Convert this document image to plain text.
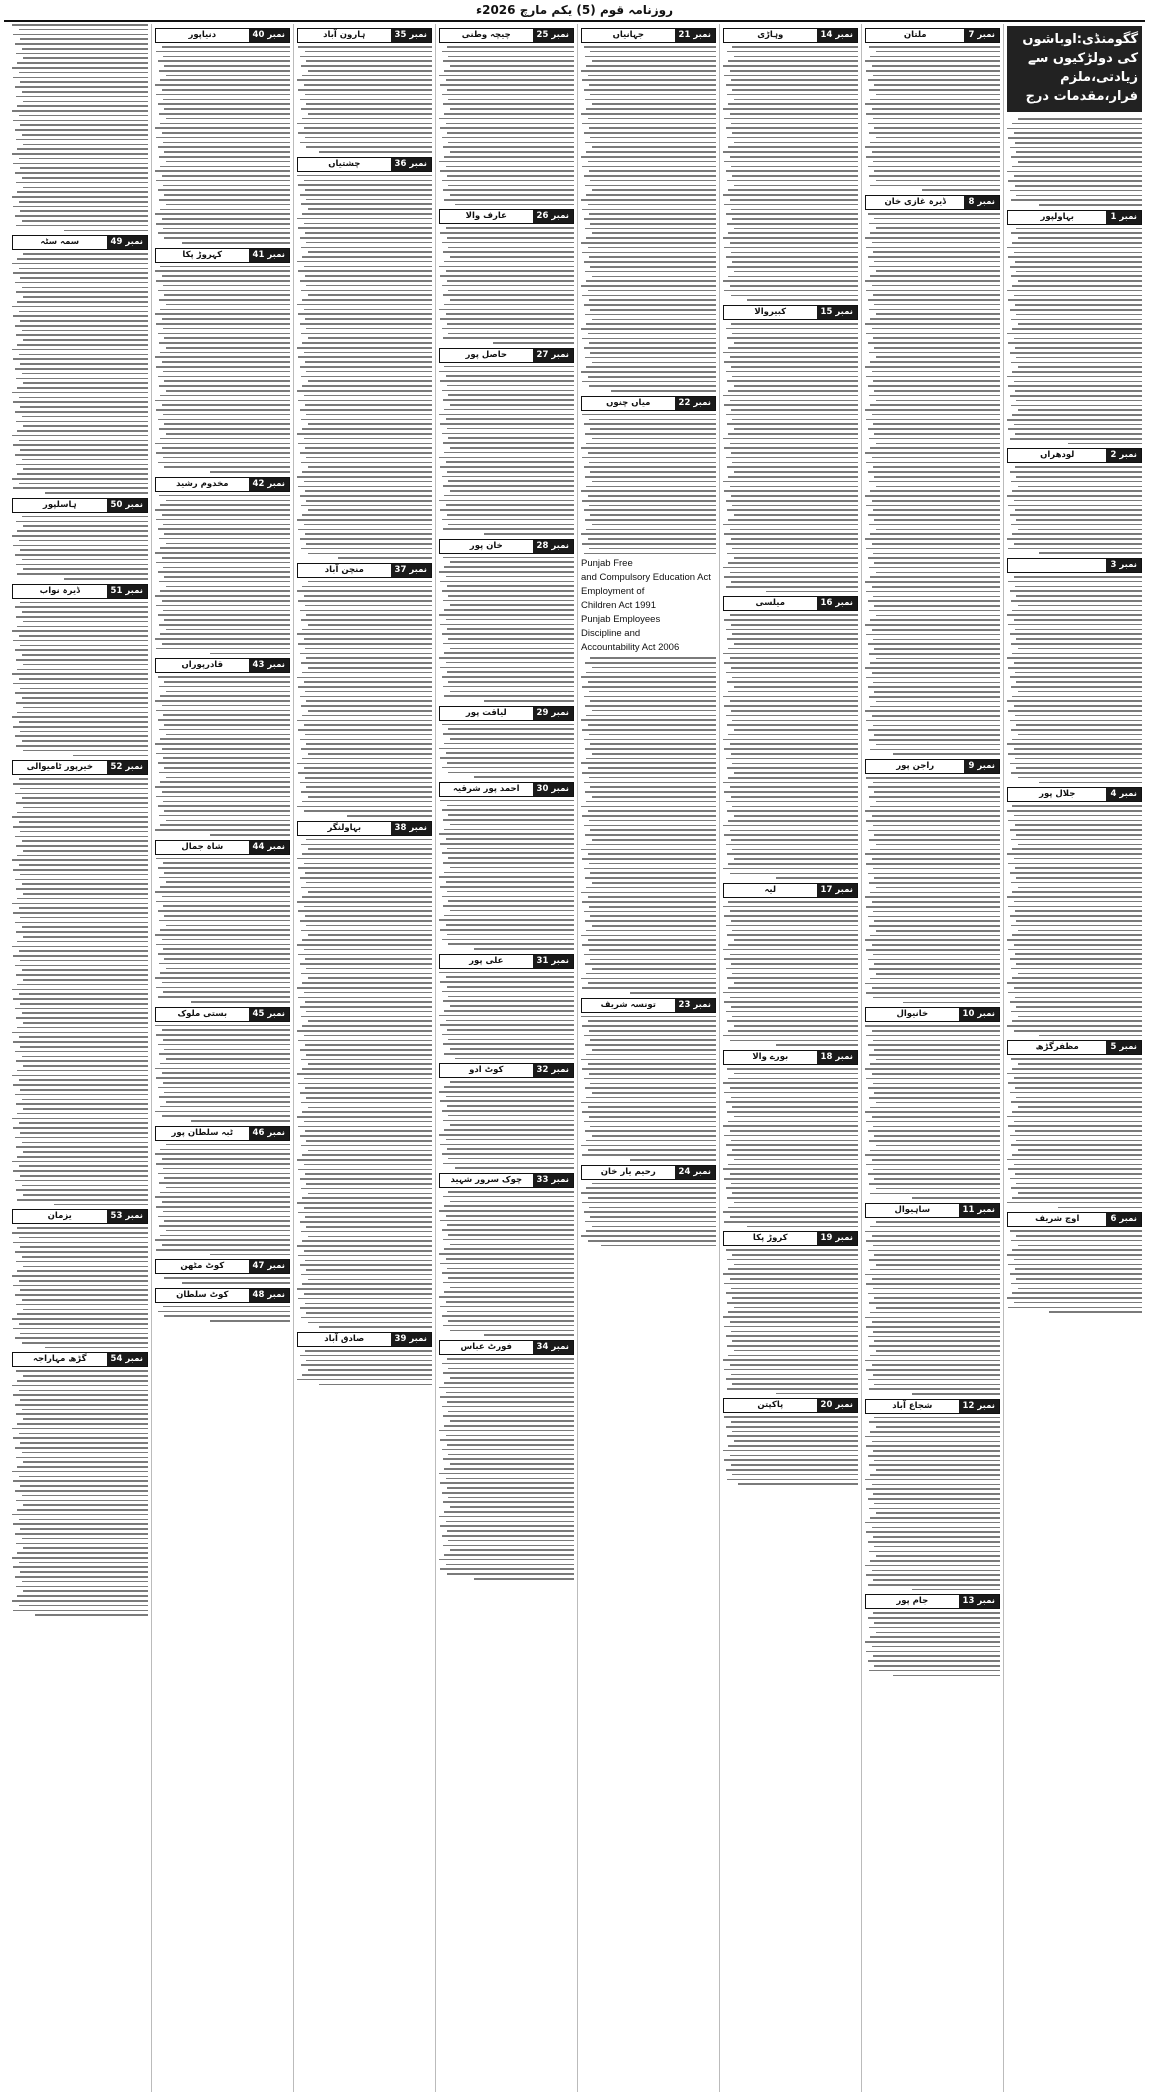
روزنامہ قوم (5) یکم مارچ 2026ء
گگومنڈی:اوباشوں کی دولڑکیوں سے زیادتی،ملزم فرار،مقدمات درج
نمبر 1
بہاولپور
نمبر 2
لودھراں
نمبر 3
نمبر 4
جلال پور
نمبر 5
مظفرگڑھ
نمبر 6
اوچ شریف
نمبر 7
ملتان
نمبر 8
ڈیرہ غازی خان
نمبر 9
راجن پور
نمبر 10
خانیوال
نمبر 11
ساہیوال
نمبر 12
شجاع آباد
نمبر 13
جام پور
نمبر 14
وہاڑی
نمبر 15
کبیروالا
نمبر 16
میلسی
نمبر 17
لیہ
نمبر 18
بورے والا
نمبر 19
کروڑ پکا
نمبر 20
پاکپتن
نمبر 21
جہانیاں
نمبر 22
میاں چنوں
Punjab Free
and Compulsory Education Act
Employment of
Children Act 1991
Punjab Employees
Discipline and
Accountability Act 2006
نمبر 23
تونسہ شریف
نمبر 24
رحیم یار خان
نمبر 25
چیچہ وطنی
نمبر 26
عارف والا
نمبر 27
حاصل پور
نمبر 28
خان پور
نمبر 29
لیاقت پور
نمبر 30
احمد پور شرقیہ
نمبر 31
علی پور
نمبر 32
کوٹ ادو
نمبر 33
چوک سرور شہید
نمبر 34
فورٹ عباس
نمبر 35
ہارون آباد
نمبر 36
چشتیاں
نمبر 37
منچن آباد
نمبر 38
بہاولنگر
نمبر 39
صادق آباد
نمبر 40
دنیاپور
نمبر 41
کہروڑ پکا
نمبر 42
مخدوم رشید
نمبر 43
قادرپوراں
نمبر 44
شاہ جمال
نمبر 45
بستی ملوک
نمبر 46
ٹبہ سلطان پور
نمبر 47
کوٹ مٹھن
نمبر 48
کوٹ سلطان
نمبر 49
سمہ سٹہ
نمبر 50
ہاسلپور
نمبر 51
ڈیرہ نواب
نمبر 52
خیرپور ٹامیوالی
نمبر 53
یزمان
نمبر 54
گڑھ مہاراجہ
